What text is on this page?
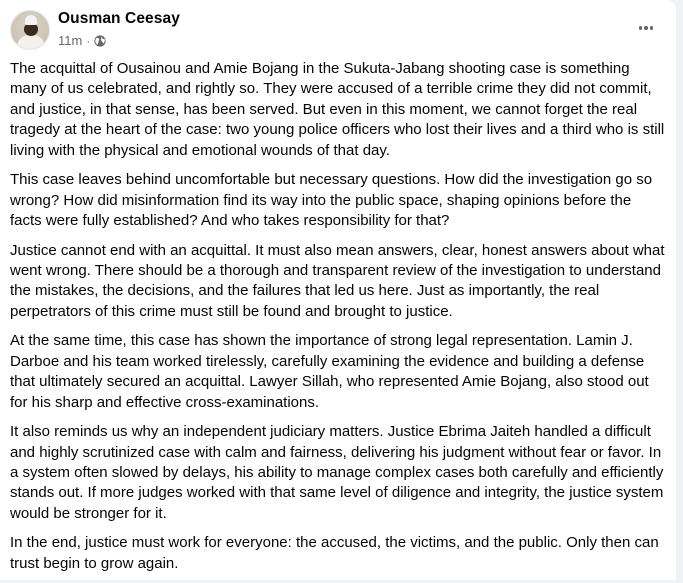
Ousman Ceesay
11m ·

The acquittal of Ousainou and Amie Bojang in the Sukuta-Jabang shooting case is something many of us celebrated, and rightly so. They were accused of a terrible crime they did not commit, and justice, in that sense, has been served. But even in this moment, we cannot forget the real tragedy at the heart of the case: two young police officers who lost their lives and a third who is still living with the physical and emotional wounds of that day.

This case leaves behind uncomfortable but necessary questions. How did the investigation go so wrong? How did misinformation find its way into the public space, shaping opinions before the facts were fully established? And who takes responsibility for that?

Justice cannot end with an acquittal. It must also mean answers, clear, honest answers about what went wrong. There should be a thorough and transparent review of the investigation to understand the mistakes, the decisions, and the failures that led us here. Just as importantly, the real perpetrators of this crime must still be found and brought to justice.

At the same time, this case has shown the importance of strong legal representation. Lamin J. Darboe and his team worked tirelessly, carefully examining the evidence and building a defense that ultimately secured an acquittal. Lawyer Sillah, who represented Amie Bojang, also stood out for his sharp and effective cross-examinations.

It also reminds us why an independent judiciary matters. Justice Ebrima Jaiteh handled a difficult and highly scrutinized case with calm and fairness, delivering his judgment without fear or favor. In a system often slowed by delays, his ability to manage complex cases both carefully and efficiently stands out. If more judges worked with that same level of diligence and integrity, the justice system would be stronger for it.

In the end, justice must work for everyone: the accused, the victims, and the public. Only then can trust begin to grow again.
